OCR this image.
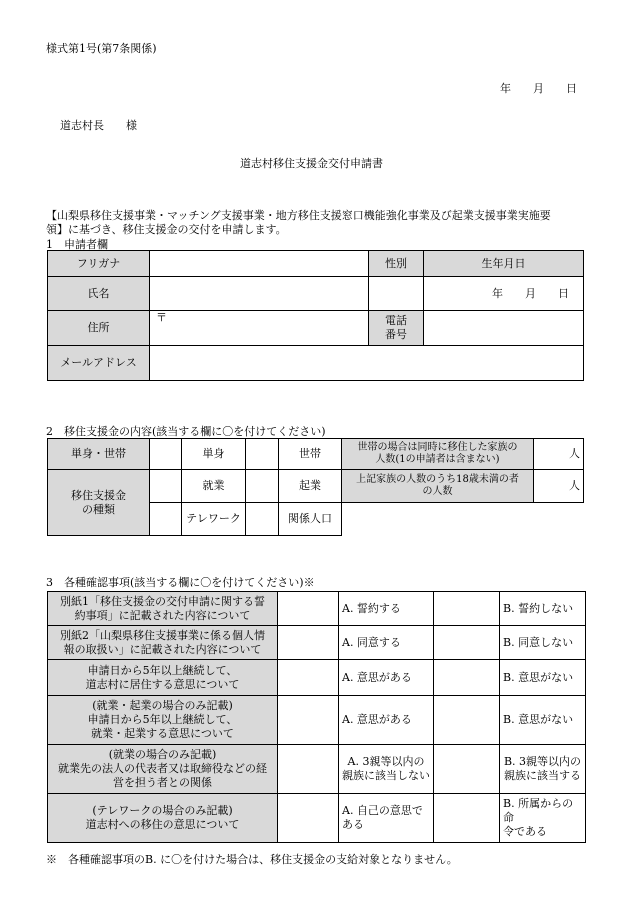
様式第1号(第7条関係)
年　　月　　日
道志村長　　様
道志村移住支援金交付申請書
【山梨県移住支援事業・マッチング支援事業・地方移住支援窓口機能強化事業及び起業支援事業実施要
領】に基づき、移住支援金の交付を申請します。
1　申請者欄
フリガナ		性別	生年月日
氏名			年　　月　　日
住所	〒	電話
番号	
メールアドレス			
2　移住支援金の内容(該当する欄に〇を付けてください)
単身・世帯		単身		世帯	世帯の場合は同時に移住した家族の
人数(1の申請者は含まない)	人
移住支援金
の種類		就業		起業	上記家族の人数のうち18歳未満の者
の人数	人
		テレワーク		関係人口		
3　各種確認事項(該当する欄に〇を付けてください)※
別紙1「移住支援金の交付申請に関する誓
約事項」に記載された内容について		A. 誓約する		B. 誓約しない
別紙2「山梨県移住支援事業に係る個人情
報の取扱い」に記載された内容について		A. 同意する		B. 同意しない
申請日から5年以上継続して、
道志村に居住する意思について		A. 意思がある		B. 意思がない
(就業・起業の場合のみ記載)
申請日から5年以上継続して、
就業・起業する意思について		A. 意思がある		B. 意思がない
(就業の場合のみ記載)
就業先の法人の代表者又は取締役などの経
営を担う者との関係		A. 3親等以内の
親族に該当しない		B. 3親等以内の
親族に該当する
(テレワークの場合のみ記載)
道志村への移住の意思について		A. 自己の意思で
ある		B. 所属からの命
令である
※　各種確認事項のB. に〇を付けた場合は、移住支援金の支給対象となりません。
